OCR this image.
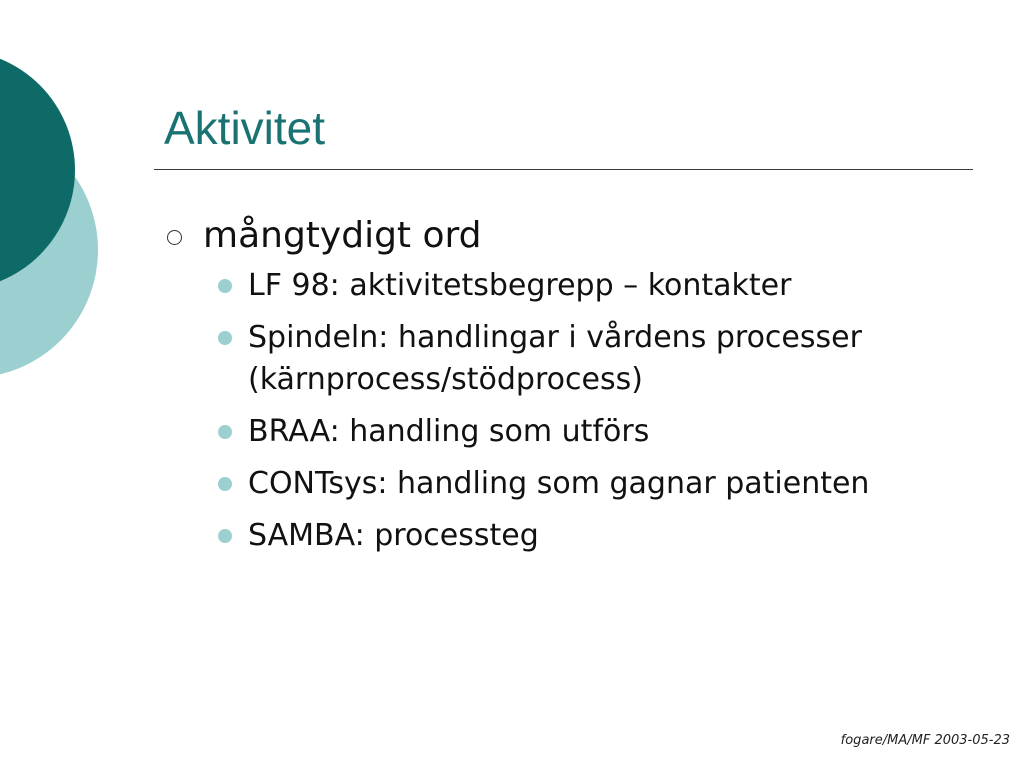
Aktivitet
mångtydigt ord
LF 98: aktivitetsbegrepp – kontakter
Spindeln: handlingar i vårdens processer (kärnprocess/stödprocess)
BRAA: handling som utförs
CONTsys: handling som gagnar patienten
SAMBA: processteg
fogare/MA/MF 2003-05-23
